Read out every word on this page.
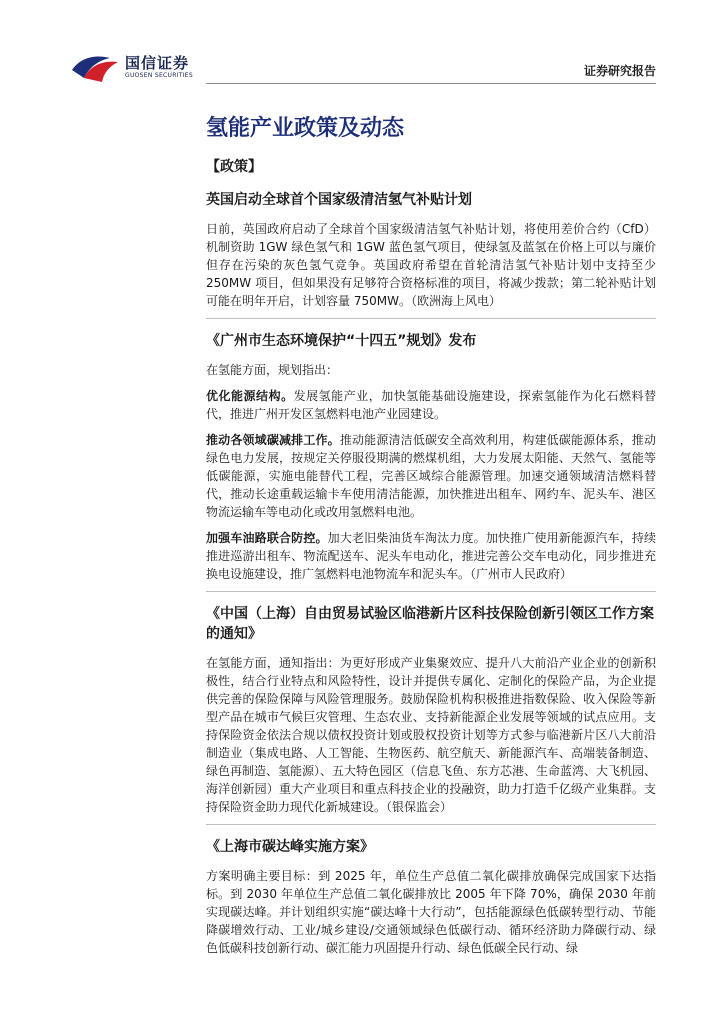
国信证券
GUOSEN SECURITIES	证券研究报告
氢能产业政策及动态
【政策】
英国启动全球首个国家级清洁氢气补贴计划

日前，英国政府启动了全球首个国家级清洁氢气补贴计划，将使用差价合约（CfD）机制资助 1GW 绿色氢气和 1GW 蓝色氢气项目，使绿氢及蓝氢在价格上可以与廉价但存在污染的灰色氢气竞争。英国政府希望在首轮清洁氢气补贴计划中支持至少250MW 项目，但如果没有足够符合资格标准的项目，将减少拨款；第二轮补贴计划可能在明年开启，计划容量 750MW。（欧洲海上风电）

《广州市生态环境保护“十四五”规划》发布

在氢能方面，规划指出：

优化能源结构。发展氢能产业，加快氢能基础设施建设，探索氢能作为化石燃料替代，推进广州开发区氢燃料电池产业园建设。

推动各领域碳减排工作。推动能源清洁低碳安全高效利用，构建低碳能源体系，推动绿色电力发展，按规定关停服役期满的燃煤机组，大力发展太阳能、天然气、氢能等低碳能源，实施电能替代工程，完善区域综合能源管理。加速交通领域清洁燃料替代，推动长途重载运输卡车使用清洁能源，加快推进出租车、网约车、泥头车、港区物流运输车等电动化或改用氢燃料电池。

加强车油路联合防控。加大老旧柴油货车淘汰力度。加快推广使用新能源汽车，持续推进巡游出租车、物流配送车、泥头车电动化，推进完善公交车电动化，同步推进充换电设施建设，推广氢燃料电池物流车和泥头车。（广州市人民政府）

《中国（上海）自由贸易试验区临港新片区科技保险创新引领区工作方案的通知》

在氢能方面，通知指出：为更好形成产业集聚效应、提升八大前沿产业企业的创新积极性，结合行业特点和风险特性，设计并提供专属化、定制化的保险产品，为企业提供完善的保险保障与风险管理服务。鼓励保险机构积极推进指数保险、收入保险等新型产品在城市气候巨灾管理、生态农业、支持新能源企业发展等领域的试点应用。支持保险资金依法合规以债权投资计划或股权投资计划等方式参与临港新片区八大前沿制造业（集成电路、人工智能、生物医药、航空航天、新能源汽车、高端装备制造、绿色再制造、氢能源）、五大特色园区（信息飞鱼、东方芯港、生命蓝湾、大飞机园、海洋创新园）重大产业项目和重点科技企业的投融资，助力打造千亿级产业集群。支持保险资金助力现代化新城建设。（银保监会）

《上海市碳达峰实施方案》

方案明确主要目标：到 2025 年，单位生产总值二氧化碳排放确保完成国家下达指标。到 2030 年单位生产总值二氧化碳排放比 2005 年下降 70%，确保 2030 年前实现碳达峰。并计划组织实施“碳达峰十大行动”，包括能源绿色低碳转型行动、节能降碳增效行动、工业/城乡建设/交通领域绿色低碳行动、循环经济助力降碳行动、绿色低碳科技创新行动、碳汇能力巩固提升行动、绿色低碳全民行动、绿
